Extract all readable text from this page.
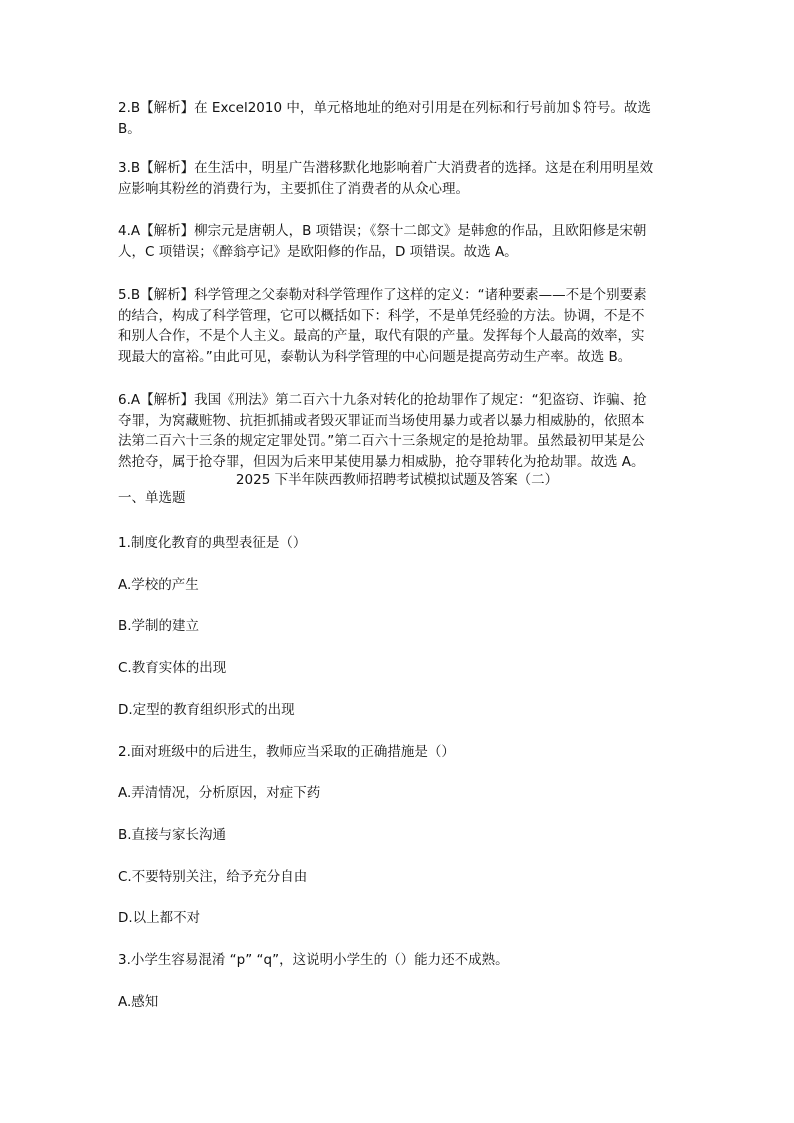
2.B【解析】在 Excel2010 中，单元格地址的绝对引用是在列标和行号前加＄符号。故选
B。
3.B【解析】在生活中，明星广告潜移默化地影响着广大消费者的选择。这是在利用明星效
应影响其粉丝的消费行为，主要抓住了消费者的从众心理。
4.A【解析】柳宗元是唐朝人，B 项错误；《祭十二郎文》是韩愈的作品，且欧阳修是宋朝
人，C 项错误；《醉翁亭记》是欧阳修的作品，D 项错误。故选 A。
5.B【解析】科学管理之父泰勒对科学管理作了这样的定义：“诸种要素——不是个别要素
的结合，构成了科学管理，它可以概括如下：科学，不是单凭经验的方法。协调，不是不
和别人合作，不是个人主义。最高的产量，取代有限的产量。发挥每个人最高的效率，实
现最大的富裕。”由此可见，泰勒认为科学管理的中心问题是提高劳动生产率。故选 B。
6.A【解析】我国《刑法》第二百六十九条对转化的抢劫罪作了规定：“犯盗窃、诈骗、抢
夺罪，为窝藏赃物、抗拒抓捕或者毁灭罪证而当场使用暴力或者以暴力相威胁的，依照本
法第二百六十三条的规定定罪处罚。”第二百六十三条规定的是抢劫罪。虽然最初甲某是公
然抢夺，属于抢夺罪，但因为后来甲某使用暴力相威胁，抢夺罪转化为抢劫罪。故选 A。
2025 下半年陕西教师招聘考试模拟试题及答案（二）
一、单选题
1.制度化教育的典型表征是（）
A.学校的产生
B.学制的建立
C.教育实体的出现
D.定型的教育组织形式的出现
2.面对班级中的后进生，教师应当采取的正确措施是（）
A.弄清情况，分析原因，对症下药
B.直接与家长沟通
C.不要特别关注，给予充分自由
D.以上都不对
3.小学生容易混淆 “p” “q”，这说明小学生的（）能力还不成熟。
A.感知
